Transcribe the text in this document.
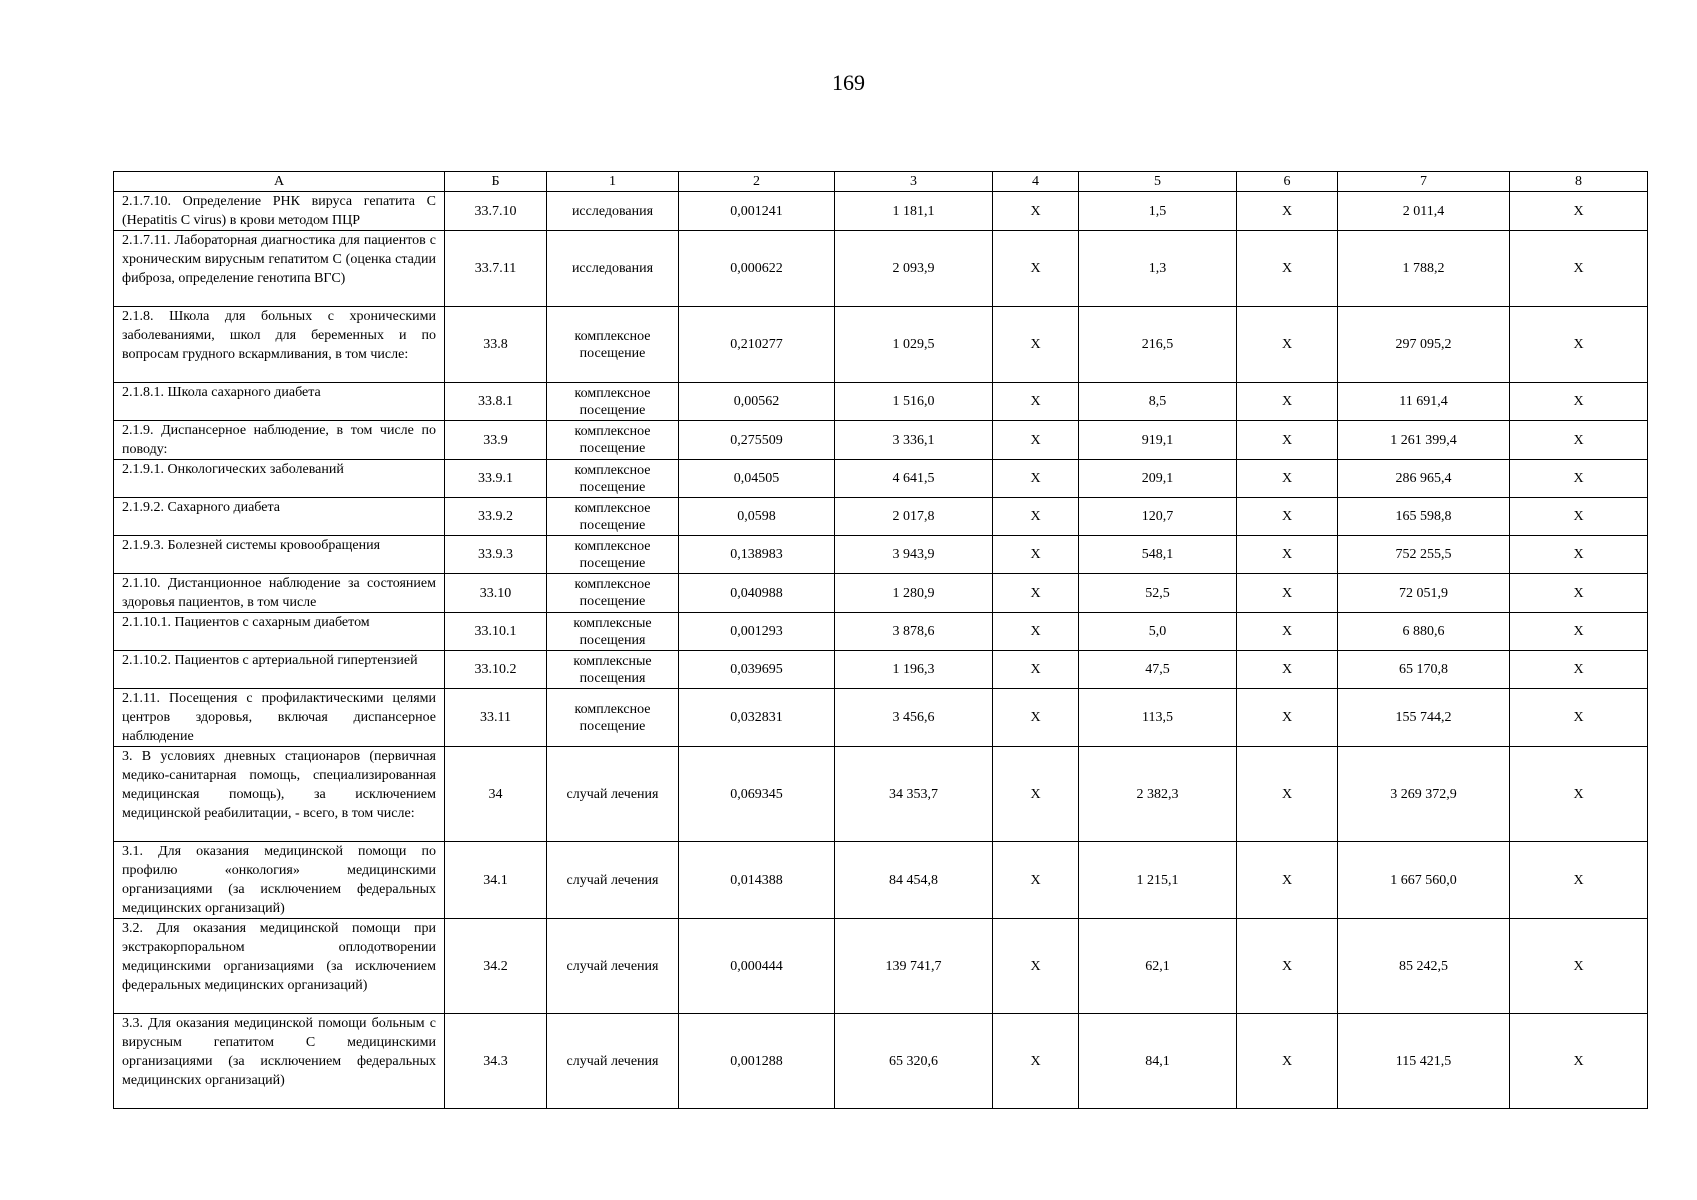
169
А	Б	1	2	3	4	5	6	7	8
2.1.7.10. Определение РНК вируса гепатита С (Hepatitis C virus) в крови методом ПЦР	33.7.10	исследования	0,001241	1 181,1	Х	1,5	Х	2 011,4	Х
2.1.7.11. Лабораторная диагностика для пациентов с хроническим вирусным гепатитом С (оценка стадии фиброза, определение генотипа ВГС)	33.7.11	исследования	0,000622	2 093,9	Х	1,3	Х	1 788,2	Х
2.1.8. Школа для больных с хроническими заболеваниями, школ для беременных и по вопросам грудного вскармливания, в том числе:	33.8	комплексное посещение	0,210277	1 029,5	Х	216,5	Х	297 095,2	Х
2.1.8.1. Школа сахарного диабета	33.8.1	комплексное посещение	0,00562	1 516,0	Х	8,5	Х	11 691,4	Х
2.1.9. Диспансерное наблюдение, в том числе по поводу:	33.9	комплексное посещение	0,275509	3 336,1	Х	919,1	Х	1 261 399,4	Х
2.1.9.1. Онкологических заболеваний	33.9.1	комплексное посещение	0,04505	4 641,5	Х	209,1	Х	286 965,4	Х
2.1.9.2. Сахарного диабета	33.9.2	комплексное посещение	0,0598	2 017,8	Х	120,7	Х	165 598,8	Х
2.1.9.3. Болезней системы кровообращения	33.9.3	комплексное посещение	0,138983	3 943,9	Х	548,1	Х	752 255,5	Х
2.1.10. Дистанционное наблюдение за состоянием здоровья пациентов, в том числе	33.10	комплексное посещение	0,040988	1 280,9	Х	52,5	Х	72 051,9	Х
2.1.10.1. Пациентов с сахарным диабетом	33.10.1	комплексные посещения	0,001293	3 878,6	Х	5,0	Х	6 880,6	Х
2.1.10.2. Пациентов с артериальной гипертензией	33.10.2	комплексные посещения	0,039695	1 196,3	Х	47,5	Х	65 170,8	Х
2.1.11. Посещения с профилактическими целями центров здоровья, включая диспансерное наблюдение	33.11	комплексное посещение	0,032831	3 456,6	Х	113,5	Х	155 744,2	Х
3. В условиях дневных стационаров (первичная медико-санитарная помощь, специализированная медицинская помощь), за исключением медицинской реабилитации, - всего, в том числе:	34	случай лечения	0,069345	34 353,7	Х	2 382,3	Х	3 269 372,9	Х
3.1. Для оказания медицинской помощи по профилю «онкология» медицинскими организациями (за исключением федеральных медицинских организаций)	34.1	случай лечения	0,014388	84 454,8	Х	1 215,1	Х	1 667 560,0	Х
3.2. Для оказания медицинской помощи при экстракорпоральном оплодотворении медицинскими организациями (за исключением федеральных медицинских организаций)	34.2	случай лечения	0,000444	139 741,7	Х	62,1	Х	85 242,5	Х
3.3. Для оказания медицинской помощи больным с вирусным гепатитом С медицинскими организациями (за исключением федеральных медицинских организаций)	34.3	случай лечения	0,001288	65 320,6	Х	84,1	Х	115 421,5	Х
